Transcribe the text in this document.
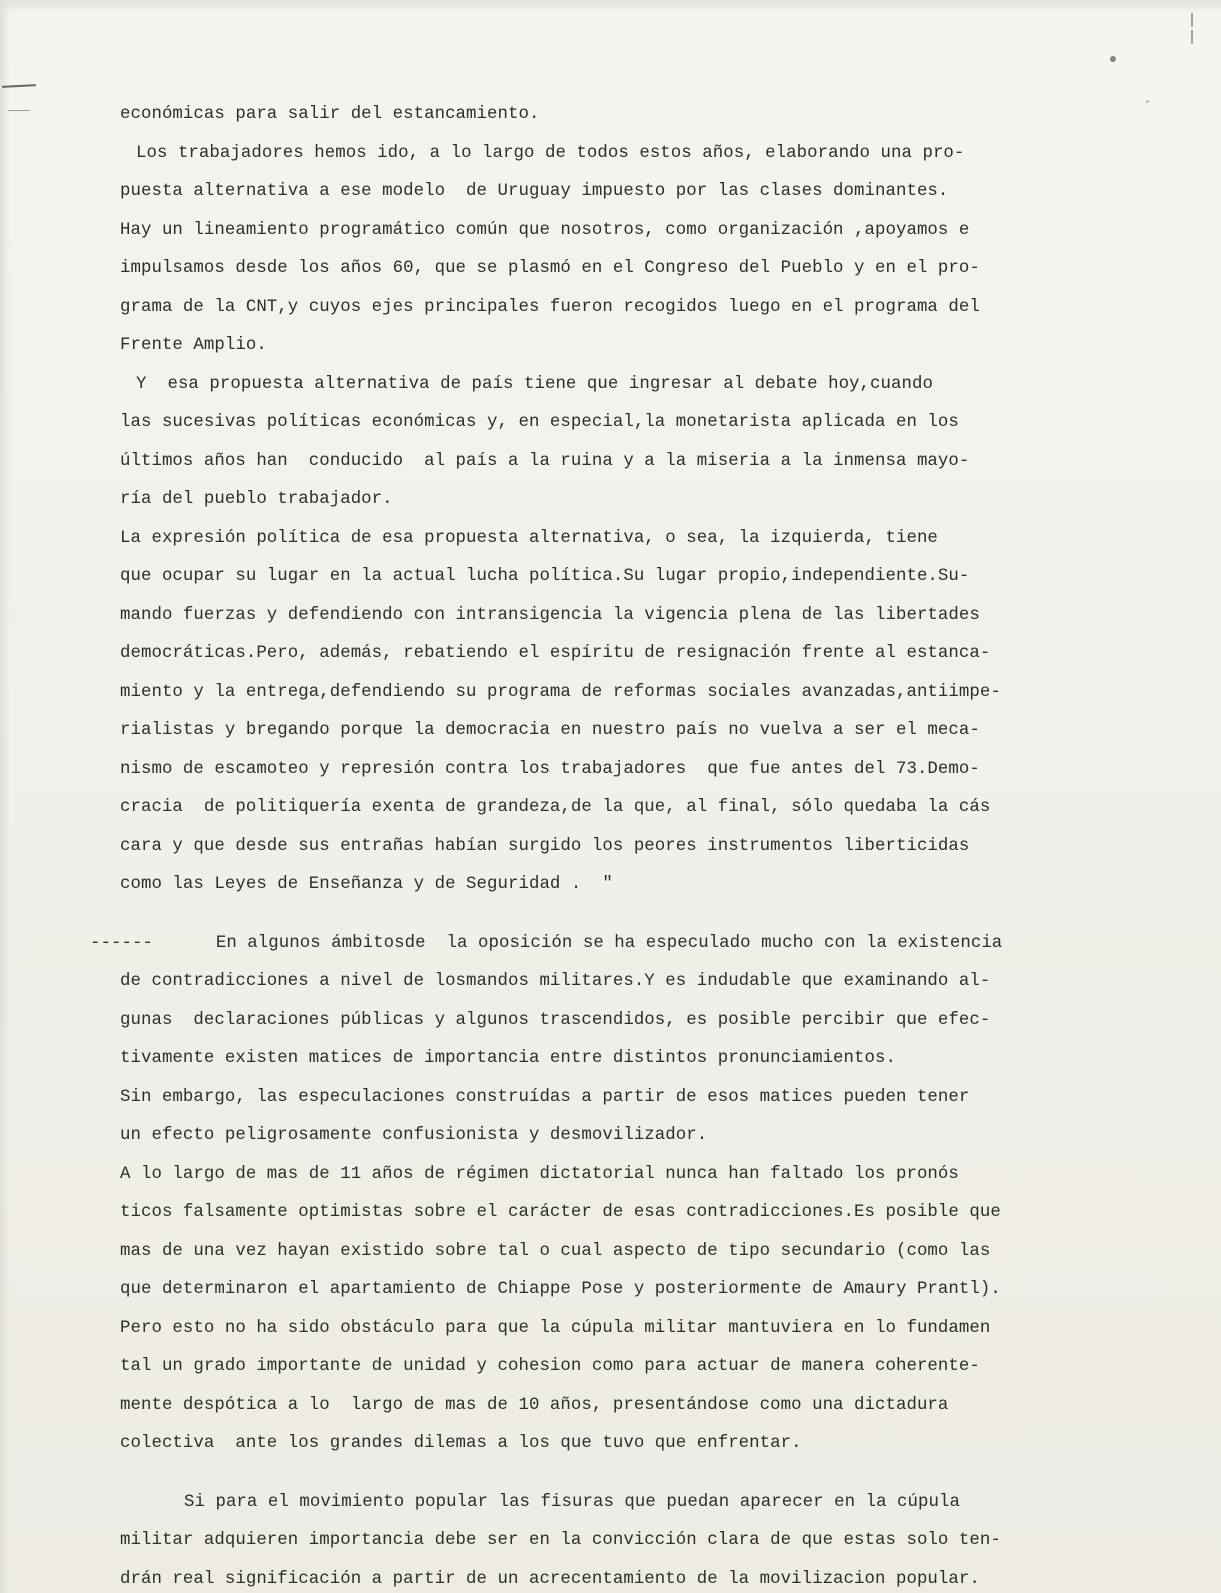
económicas para salir del estancamiento.
Los trabajadores hemos ido, a lo largo de todos estos años, elaborando una pro-
puesta alternativa a ese modelo  de Uruguay impuesto por las clases dominantes.
Hay un lineamiento programático común que nosotros, como organización ,apoyamos e
impulsamos desde los años 60, que se plasmó en el Congreso del Pueblo y en el pro-
grama de la CNT,y cuyos ejes principales fueron recogidos luego en el programa del
Frente Amplio.
Y  esa propuesta alternativa de país tiene que ingresar al debate hoy,cuando
las sucesivas políticas económicas y, en especial,la monetarista aplicada en los
últimos años han  conducido  al país a la ruina y a la miseria a la inmensa mayo-
ría del pueblo trabajador.
La expresión política de esa propuesta alternativa, o sea, la izquierda, tiene
que ocupar su lugar en la actual lucha política.Su lugar propio,independiente.Su-
mando fuerzas y defendiendo con intransigencia la vigencia plena de las libertades
democráticas.Pero, además, rebatiendo el espíritu de resignación frente al estanca-
miento y la entrega,defendiendo su programa de reformas sociales avanzadas,antiimpe-
rialistas y bregando porque la democracia en nuestro país no vuelva a ser el meca-
nismo de escamoteo y represión contra los trabajadores  que fue antes del 73.Demo-
cracia  de politiquería exenta de grandeza,de la que, al final, sólo quedaba la cás
cara y que desde sus entrañas habían surgido los peores instrumentos liberticidas
como las Leyes de Enseñanza y de Seguridad .  "
------      En algunos ámbitosde  la oposición se ha especulado mucho con la existencia
de contradicciones a nivel de losmandos militares.Y es indudable que examinando al-
gunas  declaraciones públicas y algunos trascendidos, es posible percibir que efec-
tivamente existen matices de importancia entre distintos pronunciamientos.
Sin embargo, las especulaciones construídas a partir de esos matices pueden tener
un efecto peligrosamente confusionista y desmovilizador.
A lo largo de mas de 11 años de régimen dictatorial nunca han faltado los pronós
ticos falsamente optimistas sobre el carácter de esas contradicciones.Es posible que
mas de una vez hayan existido sobre tal o cual aspecto de tipo secundario (como las
que determinaron el apartamiento de Chiappe Pose y posteriormente de Amaury Prantl).
Pero esto no ha sido obstáculo para que la cúpula militar mantuviera en lo fundamen
tal un grado importante de unidad y cohesion como para actuar de manera coherente-
mente despótica a lo  largo de mas de 10 años, presentándose como una dictadura
colectiva  ante los grandes dilemas a los que tuvo que enfrentar.
Si para el movimiento popular las fisuras que puedan aparecer en la cúpula
militar adquieren importancia debe ser en la convicción clara de que estas solo ten-
drán real significación a partir de un acrecentamiento de la movilizacion popular.
